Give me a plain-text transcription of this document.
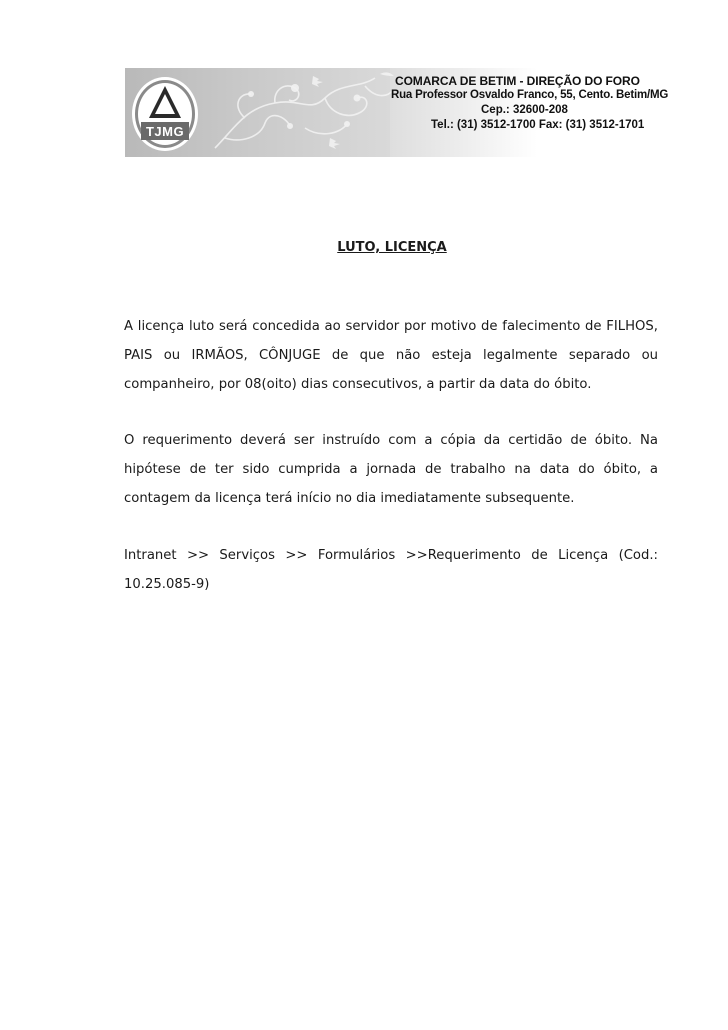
TJMG
COMARCA DE BETIM - DIREÇÃO DO FORO
Rua Professor Osvaldo Franco, 55, Cento. Betim/MG
Cep.: 32600-208
Tel.: (31) 3512-1700 Fax: (31) 3512-1701
LUTO, LICENÇA

A licença luto será concedida ao servidor por motivo de falecimento de FILHOS, PAIS ou IRMÃOS, CÔNJUGE de que não esteja legalmente separado ou companheiro, por 08(oito) dias consecutivos, a partir da data do óbito.

O requerimento deverá ser instruído com a cópia da certidão de óbito. Na hipótese de ter sido cumprida a jornada de trabalho na data do óbito, a contagem da licença terá início no dia imediatamente subsequente.

Intranet >> Serviços >> Formulários >>Requerimento de Licença (Cod.: 10.25.085-9)
